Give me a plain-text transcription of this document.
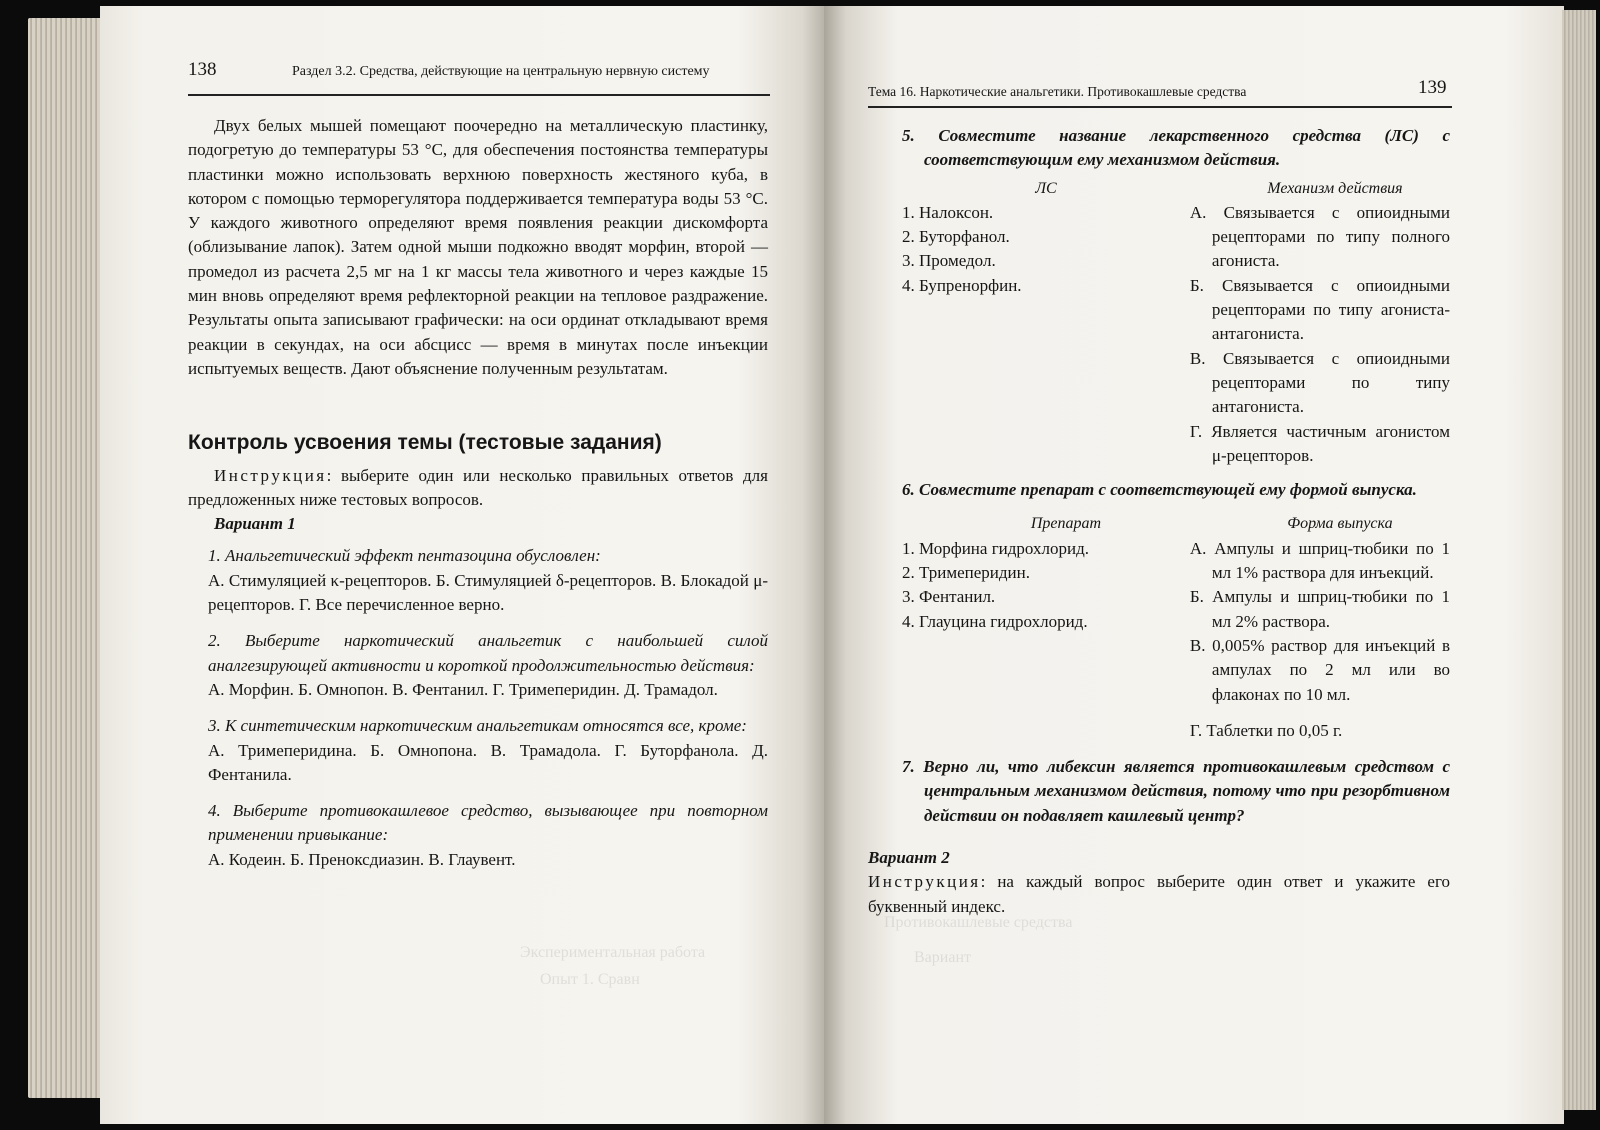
Экспериментальная работа
Опыт 1. Сравн
138	Раздел 3.2. Средства, действующие на центральную нервную систему

Двух белых мышей помещают поочередно на металлическую пластинку, подогретую до температуры 53 °С, для обеспечения постоянства температуры пластинки можно использовать верхнюю поверхность жестяного куба, в котором с помощью терморегулятора поддерживается температура воды 53 °С. У каждого животного определяют время появления реакции дискомфорта (облизывание лапок). Затем одной мыши подкожно вводят морфин, второй — промедол из расчета 2,5 мг на 1 кг массы тела животного и через каждые 15 мин вновь определяют время рефлекторной реакции на тепловое раздражение. Результаты опыта записывают графически: на оси ординат откладывают время реакции в секундах, на оси абсцисс — время в минутах после инъекции испытуемых веществ. Дают объяснение полученным результатам.

Контроль усвоения темы (тестовые задания)

Инструкция: выберите один или несколько правильных ответов для предложенных ниже тестовых вопросов.

Вариант 1

1. Анальгетический эффект пентазоцина обусловлен:

А. Стимуляцией κ-рецепторов. Б. Стимуляцией δ-рецепторов. В. Блокадой μ-рецепторов. Г. Все перечисленное верно.

2. Выберите наркотический анальгетик с наибольшей силой аналгезирующей активности и короткой продолжительностью действия:

А. Морфин. Б. Омнопон. В. Фентанил. Г. Тримеперидин. Д. Трамадол.

3. К синтетическим наркотическим анальгетикам относятся все, кроме:

А. Тримеперидина. Б. Омнопона. В. Трамадола. Г. Буторфанола. Д. Фентанила.

4. Выберите противокашлевое средство, вызывающее при повторном применении привыкание:

А. Кодеин. Б. Преноксдиазин. В. Глаувент.

Противокашлевые средства
Вариант
Тема 16. Наркотические анальгетики. Противокашлевые средства	139

5. Совместите название лекарственного средства (ЛС) с соответствующим ему механизмом действия.

ЛС

1. Налоксон.

2. Буторфанол.

3. Промедол.

4. Бупренорфин.

Механизм действия

А. Связывается с опиоидными рецепторами по типу полного агониста.

Б. Связывается с опиоидными рецепторами по типу агониста-антагониста.

В. Связывается с опиоидными рецепторами по типу антагониста.

Г. Является частичным агонистом μ-рецепторов.

6. Совместите препарат с соответствующей ему формой выпуска.

Препарат

1. Морфина гидрохлорид.

2. Тримеперидин.

3. Фентанил.

4. Глауцина гидрохлорид.

Форма выпуска

А. Ампулы и шприц-тюбики по 1 мл 1% раствора для инъекций.

Б. Ампулы и шприц-тюбики по 1 мл 2% раствора.

В. 0,005% раствор для инъекций в ампулах по 2 мл или во флаконах по 10 мл.

Г. Таблетки по 0,05 г.

7. Верно ли, что либексин является противокашлевым средством с центральным механизмом действия, потому что при резорбтивном действии он подавляет кашлевый центр?

Вариант 2

Инструкция: на каждый вопрос выберите один ответ и укажите его буквенный индекс.
